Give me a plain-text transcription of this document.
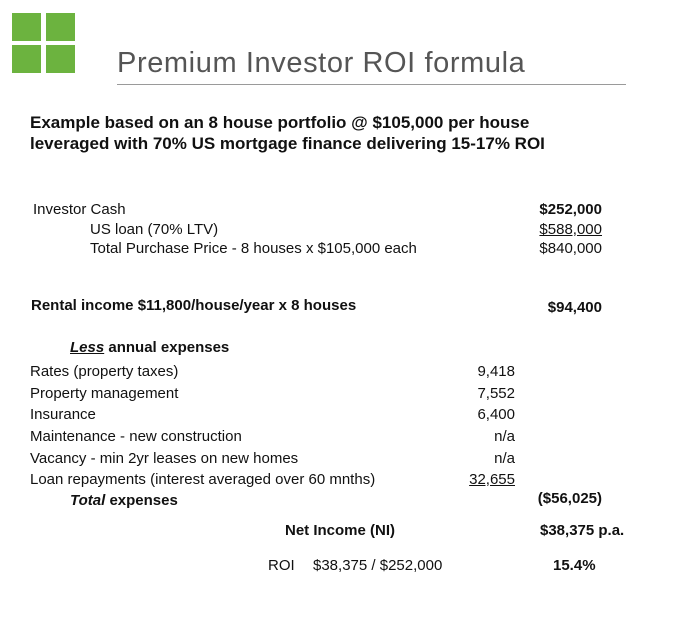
Premium Investor ROI formula
Example based on an 8 house portfolio @ $105,000 per house
leveraged with 70% US mortgage finance delivering 15-17% ROI
Investor Cash	$252,000
US loan (70% LTV)	$588,000
Total Purchase Price - 8 houses x $105,000 each	$840,000
Rental income $11,800/house/year x 8 houses	$94,400
Less annual expenses
Rates (property taxes)	9,418
Property management	7,552
Insurance	6,400
Maintenance - new construction	n/a
Vacancy - min 2yr leases on new homes	n/a
Loan repayments (interest averaged over 60 mnths)	32,655
Total expenses	($56,025)
Net Income (NI)	$38,375 p.a.
ROI $38,375 / $252,000	15.4%
